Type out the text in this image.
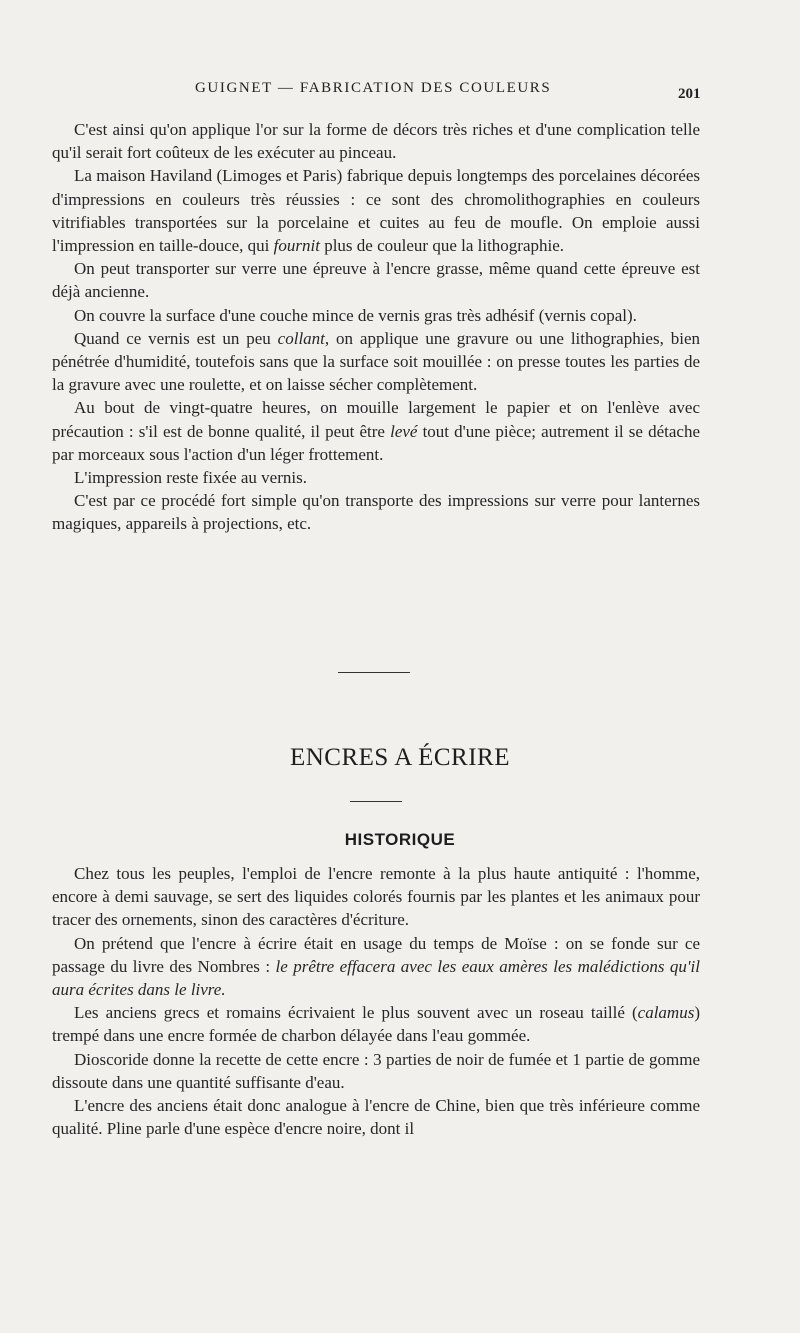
GUIGNET — FABRICATION DES COULEURS	201

C'est ainsi qu'on applique l'or sur la forme de décors très riches et d'une complication telle qu'il serait fort coûteux de les exécuter au pinceau.

La maison Haviland (Limoges et Paris) fabrique depuis longtemps des porcelaines décorées d'impressions en couleurs très réussies : ce sont des chromolithographies en couleurs vitrifiables transportées sur la porcelaine et cuites au feu de moufle. On emploie aussi l'impression en taille-douce, qui fournit plus de couleur que la lithographie.

On peut transporter sur verre une épreuve à l'encre grasse, même quand cette épreuve est déjà ancienne.

On couvre la surface d'une couche mince de vernis gras très adhésif (vernis copal).

Quand ce vernis est un peu collant, on applique une gravure ou une lithographies, bien pénétrée d'humidité, toutefois sans que la surface soit mouillée : on presse toutes les parties de la gravure avec une roulette, et on laisse sécher complètement.

Au bout de vingt-quatre heures, on mouille largement le papier et on l'enlève avec précaution : s'il est de bonne qualité, il peut être levé tout d'une pièce; autrement il se détache par morceaux sous l'action d'un léger frottement.

L'impression reste fixée au vernis.

C'est par ce procédé fort simple qu'on transporte des impressions sur verre pour lanternes magiques, appareils à projections, etc.

ENCRES A ÉCRIRE
HISTORIQUE

Chez tous les peuples, l'emploi de l'encre remonte à la plus haute antiquité : l'homme, encore à demi sauvage, se sert des liquides colorés fournis par les plantes et les animaux pour tracer des ornements, sinon des caractères d'écriture.

On prétend que l'encre à écrire était en usage du temps de Moïse : on se fonde sur ce passage du livre des Nombres : le prêtre effacera avec les eaux amères les malédictions qu'il aura écrites dans le livre.

Les anciens grecs et romains écrivaient le plus souvent avec un roseau taillé (calamus) trempé dans une encre formée de charbon délayée dans l'eau gommée.

Dioscoride donne la recette de cette encre : 3 parties de noir de fumée et 1 partie de gomme dissoute dans une quantité suffisante d'eau.

L'encre des anciens était donc analogue à l'encre de Chine, bien que très inférieure comme qualité. Pline parle d'une espèce d'encre noire, dont il
